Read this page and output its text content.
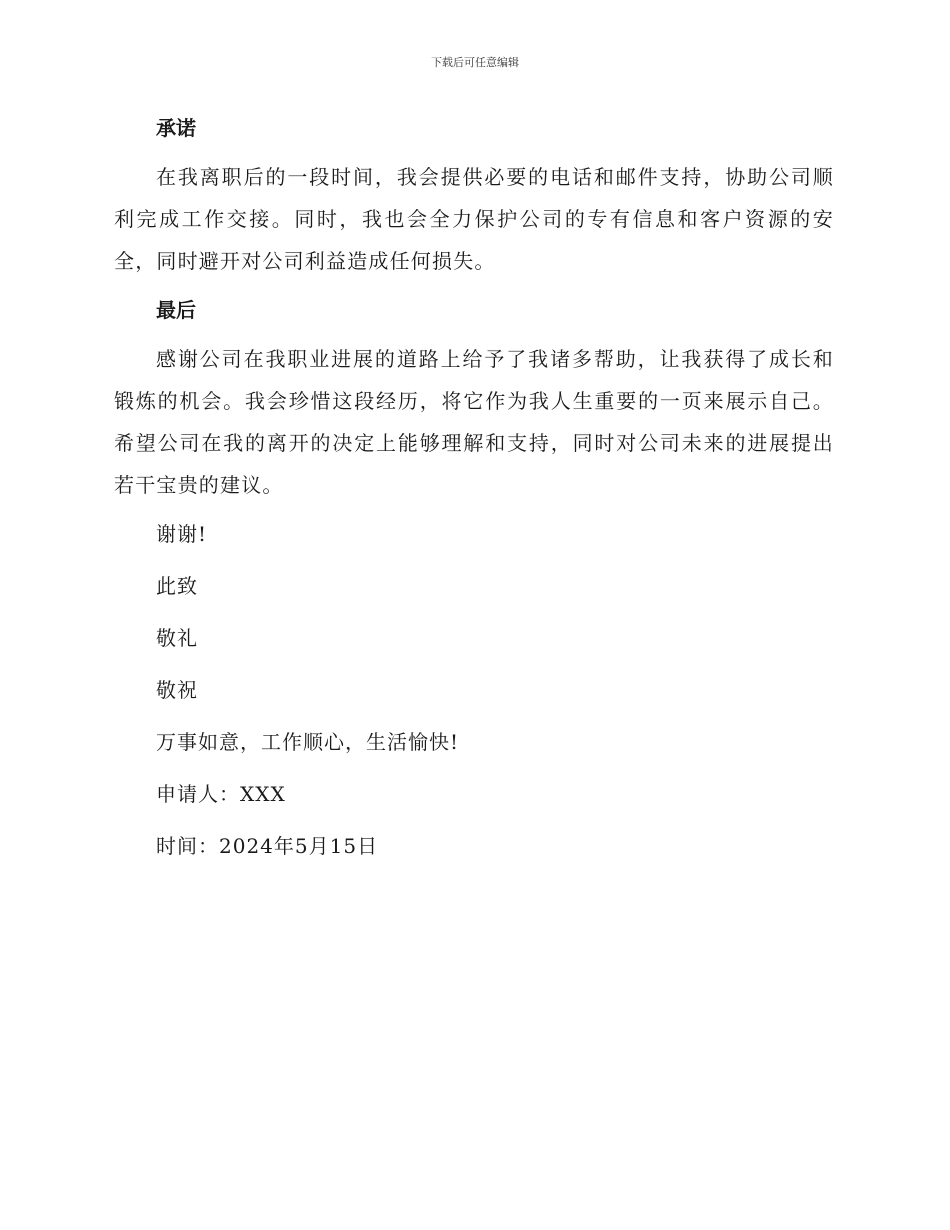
下载后可任意编辑
承诺

在我离职后的一段时间，我会提供必要的电话和邮件支持，协助公司顺利完成工作交接。同时，我也会全力保护公司的专有信息和客户资源的安全，同时避开对公司利益造成任何损失。

最后

感谢公司在我职业进展的道路上给予了我诸多帮助，让我获得了成长和锻炼的机会。我会珍惜这段经历，将它作为我人生重要的一页来展示自己。希望公司在我的离开的决定上能够理解和支持，同时对公司未来的进展提出若干宝贵的建议。

谢谢!
此致
敬礼
敬祝
万事如意，工作顺心，生活愉快!
申请人：XXX
时间：2024年5月15日
